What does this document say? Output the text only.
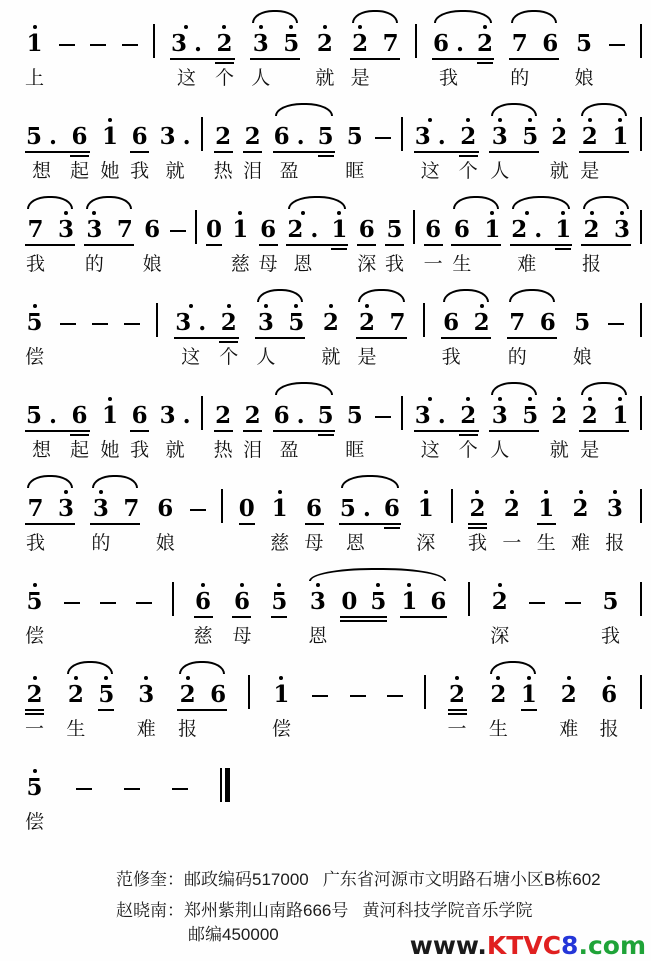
1
上
3 .
这
2
个
3
人
5
2
就
2
是
7
6 .
我
2
7
的
6
5
娘
5 .
想
6
起
1
她
6
我
3 .
就
2
热
2
泪
6 .
盈
5
5
眶
3 .
这
2
个
3
人
5
2
就
2
是
1

7
我
3
3
的
7
6
娘
0
1
慈
6
母
2 .
恩
1
6
深
5
我
6
一
6
生
1
2 .
难
1
2
报
3

5
偿
3 .
这
2
个
3
人
5
2
就
2
是
7
6
我
2
7
的
6
5
娘
5 .
想
6
起
1
她
6
我
3 .
就
2
热
2
泪
6 .
盈
5
5
眶
3 .
这
2
个
3
人
5
2
就
2
是
1

7
我
3
3
的
7
6
娘
0
1
慈
6
母
5 .
恩
6
1
深
2
我
2
一
1
生
2
难
3
报
5
偿
6
慈
6
母
5
3
恩
0
5
1
6
2
深
5
我
2
一
2
生
5
3
难
2
报
6
1
偿
2
一
2
生
1
2
难
6
报
5
偿
范修奎：邮政编码517000   广东省河源市文明路石塘小区B栋602
赵晓南：郑州紫荆山南路666号   黄河科技学院音乐学院
邮编450000	www.KTVC8.com
